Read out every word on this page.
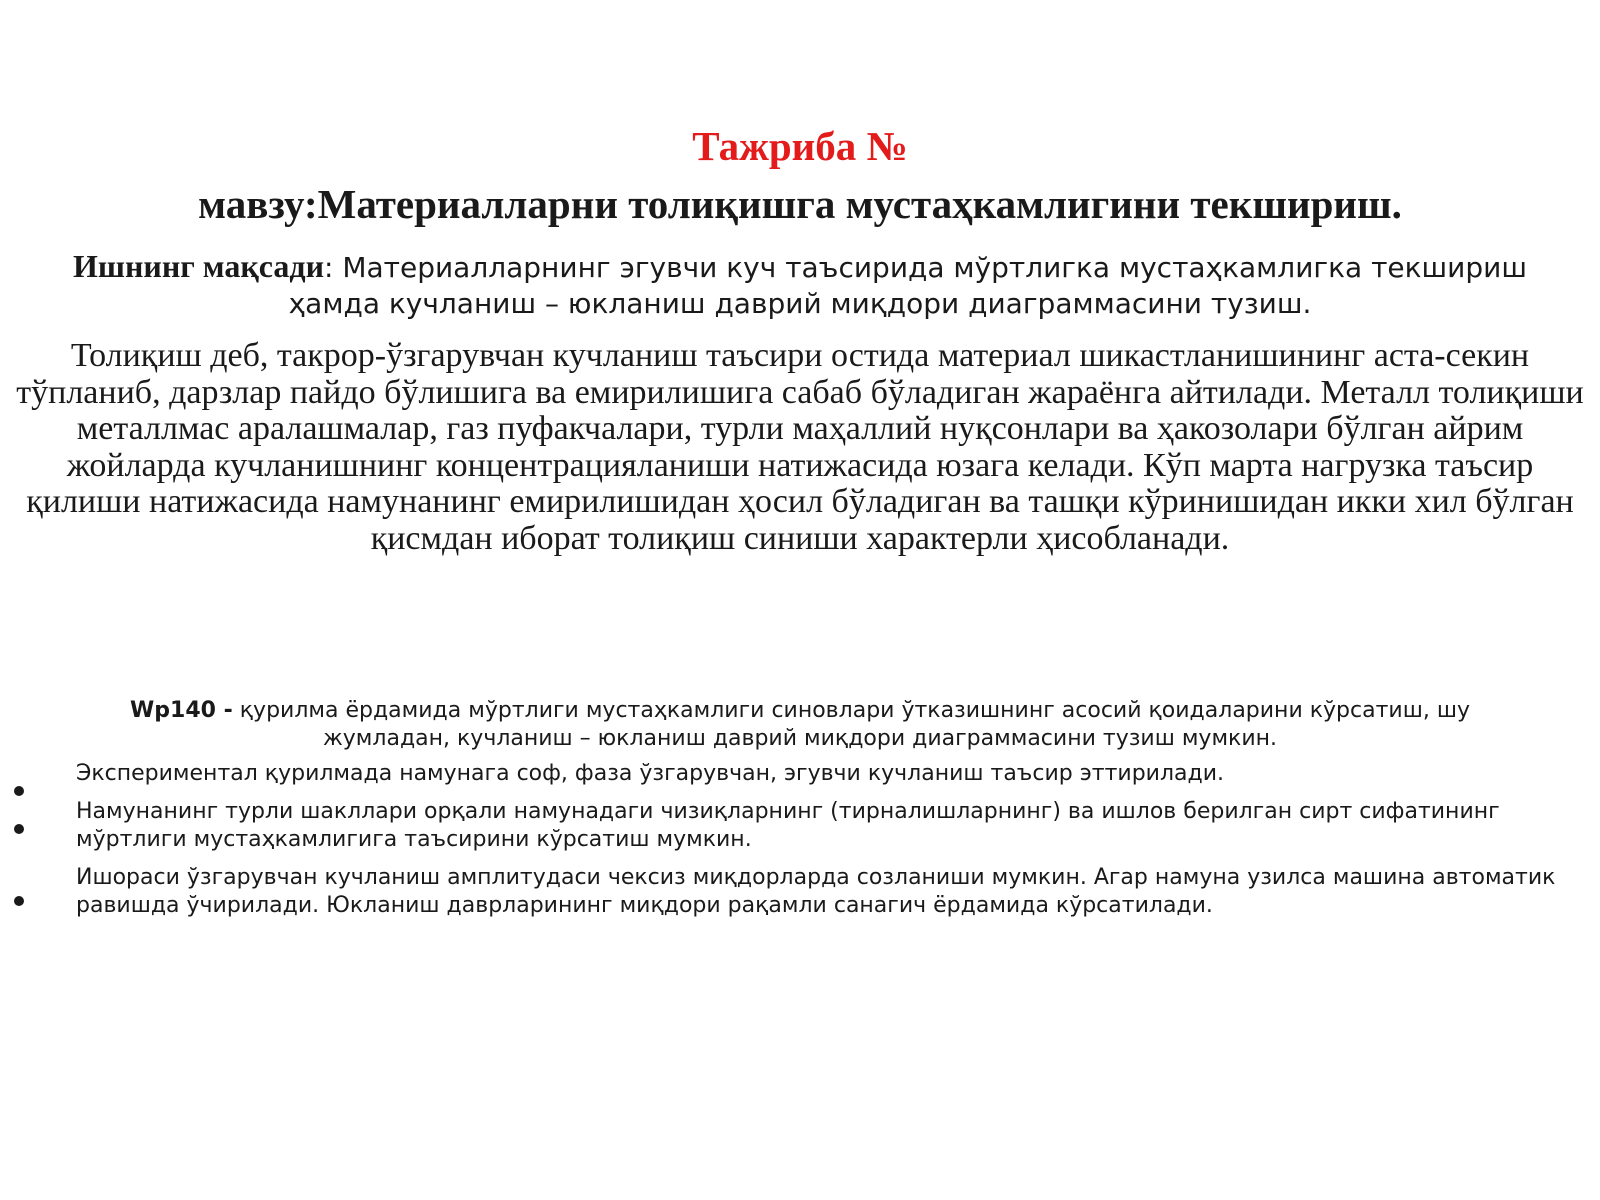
Тажриба №
мавзу:Материалларни толиқишга мустаҳкамлигини текшириш.

Ишнинг мақсади: Материалларнинг эгувчи куч таъсирида мўртлигка мустаҳкамлигка текшириш ҳамда кучланиш – юкланиш даврий миқдори диаграммасини тузиш.

Толиқиш деб, такрор-ўзгарувчан кучланиш таъсири остида материал шикастланишининг аста-секин тўпланиб, дарзлар пайдо бўлишига ва емирилишига сабаб бўладиган жараёнга айтилади. Металл толиқиши металлмас аралашмалар, газ пуфакчалари, турли маҳаллий нуқсонлари ва ҳакозолари бўлган айрим жойларда кучланишнинг концентрацияланиши натижасида юзага келади. Кўп марта нагрузка таъсир қилиши натижасида намунанинг емирилишидан ҳосил бўладиган ва ташқи кўринишидан икки хил бўлган қисмдан иборат толиқиш синиши характерли ҳисобланади.

Wp140 - қурилма ёрдамида мўртлиги мустаҳкамлиги синовлари ўтказишнинг асосий қоидаларини кўрсатиш, шу жумладан, кучланиш – юкланиш даврий миқдори диаграммасини тузиш мумкин.

Экспериментал қурилмада намунага соф, фаза ўзгарувчан, эгувчи кучланиш таъсир эттирилади.
Намунанинг турли шакллари орқали намунадаги чизиқларнинг (тирналишларнинг) ва ишлов берилган сирт сифатининг мўртлиги мустаҳкамлигига таъсирини кўрсатиш мумкин.
Ишораси ўзгарувчан кучланиш амплитудаси чексиз миқдорларда созланиши мумкин. Агар намуна узилса машина автоматик равишда ўчирилади. Юкланиш даврларининг миқдори рақамли санагич ёрдамида кўрсатилади.
